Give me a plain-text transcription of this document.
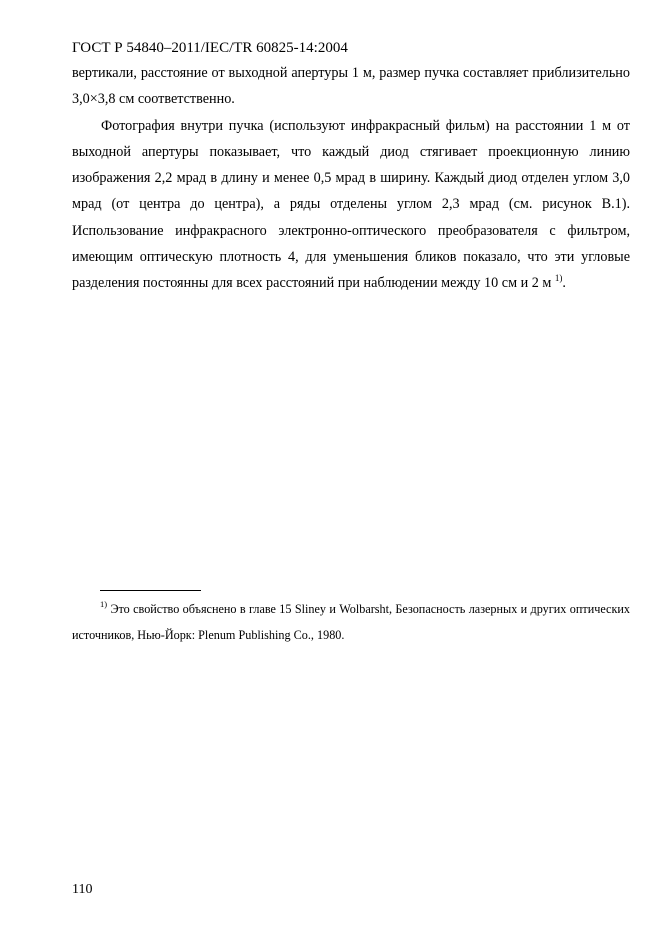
ГОСТ Р 54840–2011/IEC/TR 60825-14:2004

вертикали, расстояние от выходной апертуры 1 м, размер пучка составляет приблизительно 3,0×3,8 см соответственно.

Фотография внутри пучка (используют инфракрасный фильм) на расстоянии 1 м от выходной апертуры показывает, что каждый диод стягивает проекционную линию изображения 2,2 мрад в длину и менее 0,5 мрад в ширину. Каждый диод отделен углом 3,0 мрад (от центра до центра), а ряды отделены углом 2,3 мрад (см. рисунок B.1). Использование инфракрасного электронно-оптического преобразователя с фильтром, имеющим оптическую плотность 4, для уменьшения бликов показало, что эти угловые разделения постоянны для всех расстояний при наблюдении между 10 см и 2 м $^{1)}$.

$^{1)}$ Это свойство объяснено в главе 15 Sliney и Wolbarsht, Безопасность лазерных и других оптических источников, Нью-Йорк: Plenum Publishing Co., 1980.

110
